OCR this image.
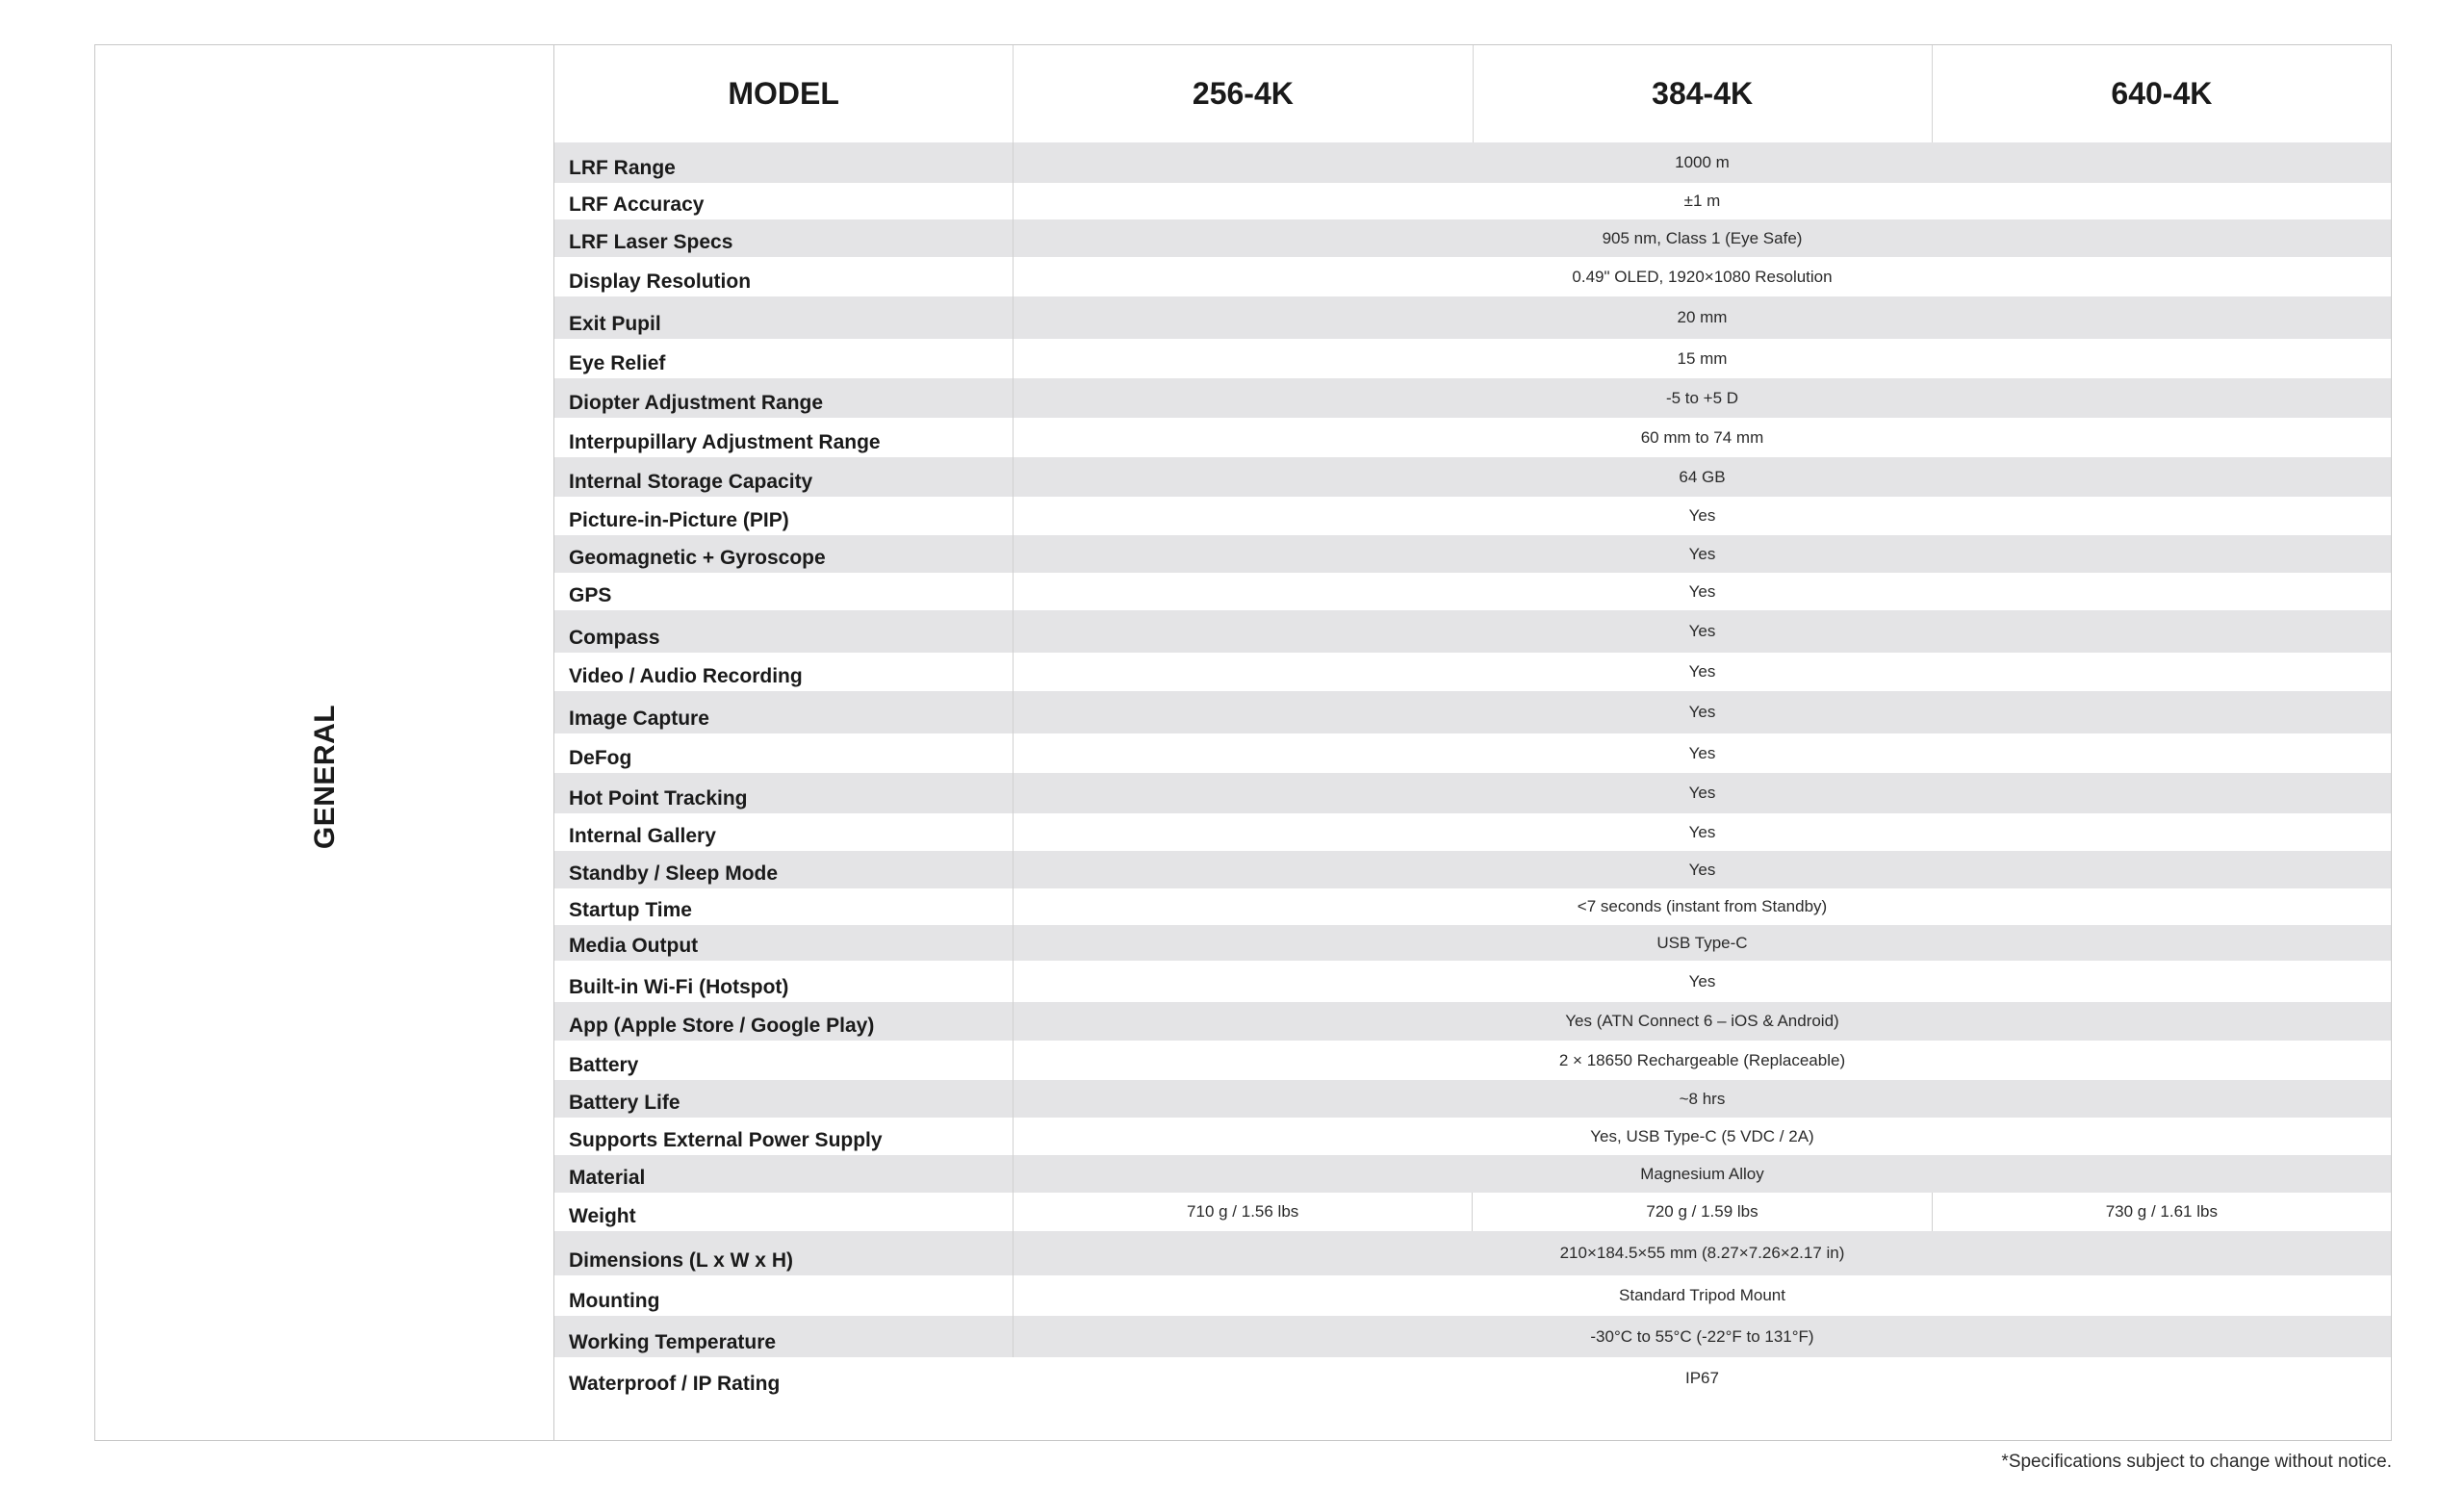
GENERAL
MODEL	256-4K	384-4K	640-4K
LRF Range	1000 m
LRF Accuracy	±1 m
LRF Laser Specs	905 nm, Class 1 (Eye Safe)
Display Resolution	0.49" OLED, 1920×1080 Resolution
Exit Pupil	20 mm
Eye Relief	15 mm
Diopter Adjustment Range	-5 to +5 D
Interpupillary Adjustment Range	60 mm to 74 mm
Internal Storage Capacity	64 GB
Picture-in-Picture (PIP)	Yes
Geomagnetic + Gyroscope	Yes
GPS	Yes
Compass	Yes
Video / Audio Recording	Yes
Image Capture	Yes
DeFog	Yes
Hot Point Tracking	Yes
Internal Gallery	Yes
Standby / Sleep Mode	Yes
Startup Time	<7 seconds (instant from Standby)
Media Output	USB Type-C
Built-in Wi-Fi (Hotspot)	Yes
App (Apple Store / Google Play)	Yes (ATN Connect 6 – iOS & Android)
Battery	2 × 18650 Rechargeable (Replaceable)
Battery Life	~8 hrs
Supports External Power Supply	Yes, USB Type-C (5 VDC / 2A)
Material	Magnesium Alloy
Weight	710 g / 1.56 lbs	720 g / 1.59 lbs	730 g / 1.61 lbs
Dimensions (L x W x H)	210×184.5×55 mm (8.27×7.26×2.17 in)
Mounting	Standard Tripod Mount
Working Temperature	-30°C to 55°C (-22°F to 131°F)
Waterproof / IP Rating	IP67
*Specifications subject to change without notice.
